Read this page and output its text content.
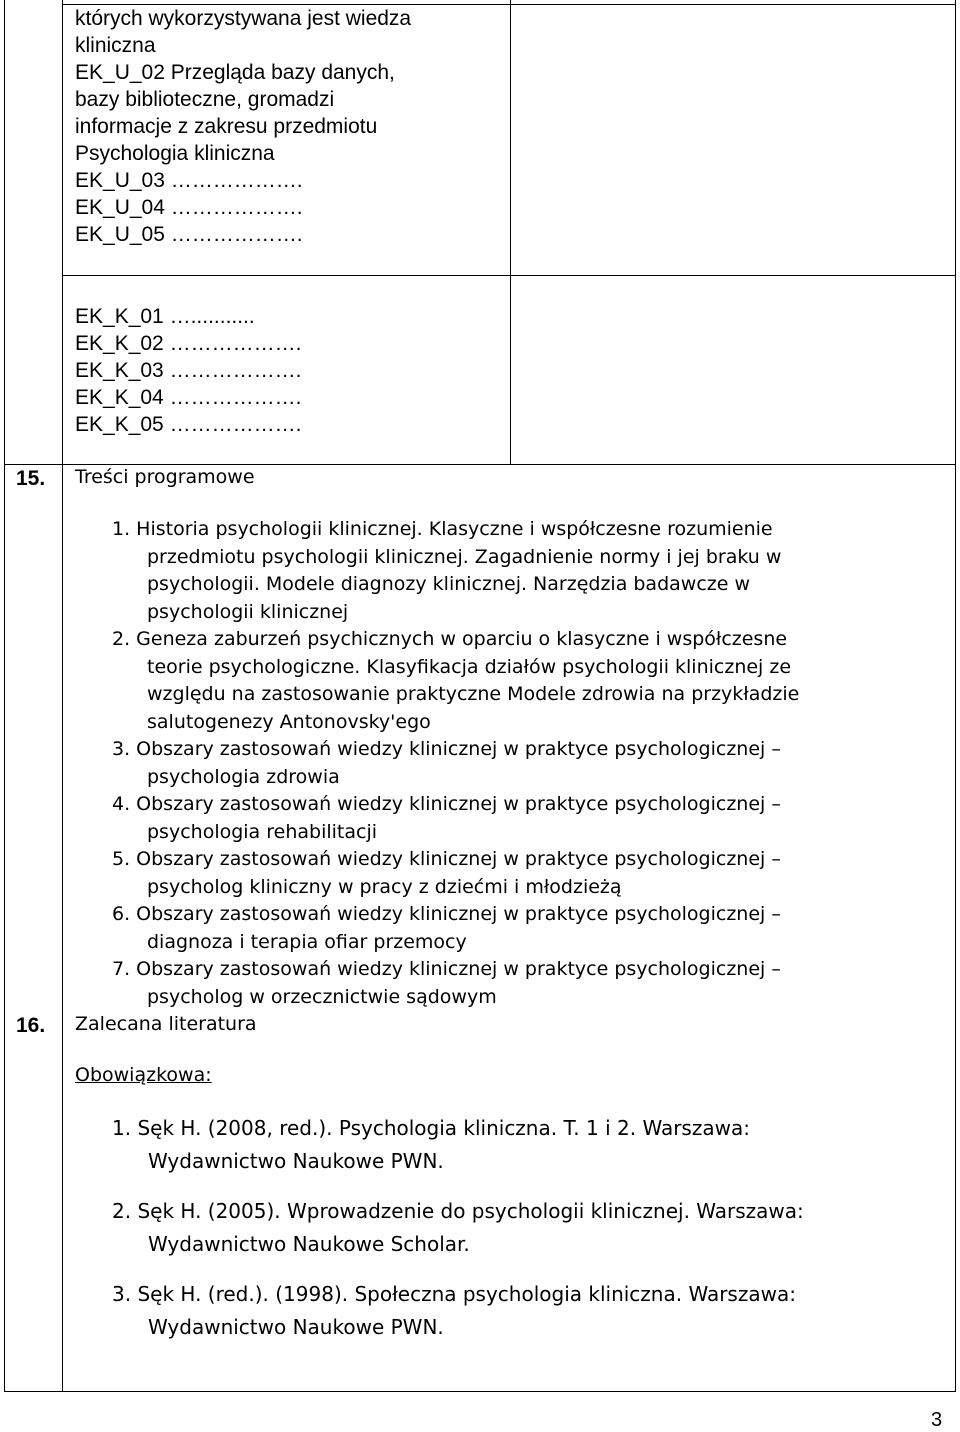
których wykorzystywana jest wiedza
kliniczna
EK_U_02 Przegląda bazy danych,
bazy biblioteczne, gromadzi
informacje z zakresu przedmiotu
Psychologia kliniczna
EK_U_03 ……………….
EK_U_04 ……………….
EK_U_05 ……………….
EK_K_01 …...........
EK_K_02 ……………….
EK_K_03 ……………….
EK_K_04 ……………….
EK_K_05 ……………….
15. Treści programowe
1. Historia psychologii klinicznej. Klasyczne i współczesne rozumienie
przedmiotu psychologii klinicznej. Zagadnienie normy i jej braku w
psychologii. Modele diagnozy klinicznej. Narzędzia badawcze w
psychologii klinicznej
2. Geneza zaburzeń psychicznych w oparciu o klasyczne i współczesne
teorie psychologiczne. Klasyfikacja działów psychologii klinicznej ze
względu na zastosowanie praktyczne Modele zdrowia na przykładzie
salutogenezy Antonovsky'ego
3. Obszary zastosowań wiedzy klinicznej w praktyce psychologicznej –
psychologia zdrowia
4. Obszary zastosowań wiedzy klinicznej w praktyce psychologicznej –
psychologia rehabilitacji
5. Obszary zastosowań wiedzy klinicznej w praktyce psychologicznej –
psycholog kliniczny w pracy z dziećmi i młodzieżą
6. Obszary zastosowań wiedzy klinicznej w praktyce psychologicznej –
diagnoza i terapia ofiar przemocy
7. Obszary zastosowań wiedzy klinicznej w praktyce psychologicznej –
psycholog w orzecznictwie sądowym
16. Zalecana literatura
Obowiązkowa:
1. Sęk H. (2008, red.). Psychologia kliniczna. T. 1 i 2. Warszawa:
Wydawnictwo Naukowe PWN.
2. Sęk H. (2005). Wprowadzenie do psychologii klinicznej. Warszawa:
Wydawnictwo Naukowe Scholar.
3. Sęk H. (red.). (1998). Społeczna psychologia kliniczna. Warszawa:
Wydawnictwo Naukowe PWN.
3
